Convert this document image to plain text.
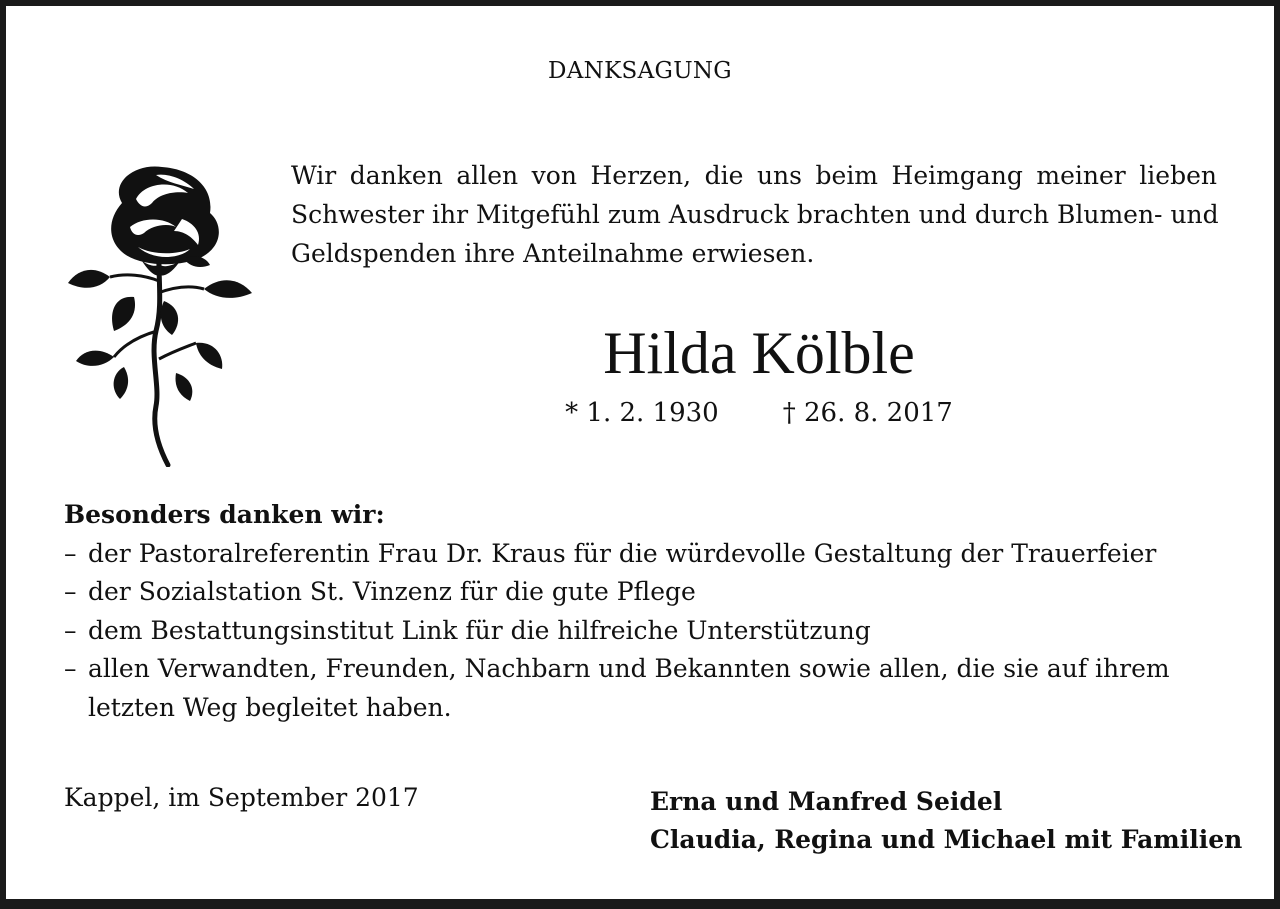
DANKSAGUNG
Wir danken allen von Herzen, die uns beim Heimgang meiner lieben
Schwester ihr Mitgefühl zum Ausdruck brachten und durch Blumen- und
Geldspenden ihre Anteilnahme erwiesen.
Hilda Kölble
* 1. 2. 1930 † 26. 8. 2017
Besonders danken wir:
– der Pastoralreferentin Frau Dr. Kraus für die würdevolle Gestaltung der Trauerfeier
– der Sozialstation St. Vinzenz für die gute Pflege
– dem Bestattungsinstitut Link für die hilfreiche Unterstützung
– allen Verwandten, Freunden, Nachbarn und Bekannten sowie allen, die sie auf ihrem
letzten Weg begleitet haben.
Kappel, im September 2017	Erna und Manfred Seidel
Claudia, Regina und Michael mit Familien
